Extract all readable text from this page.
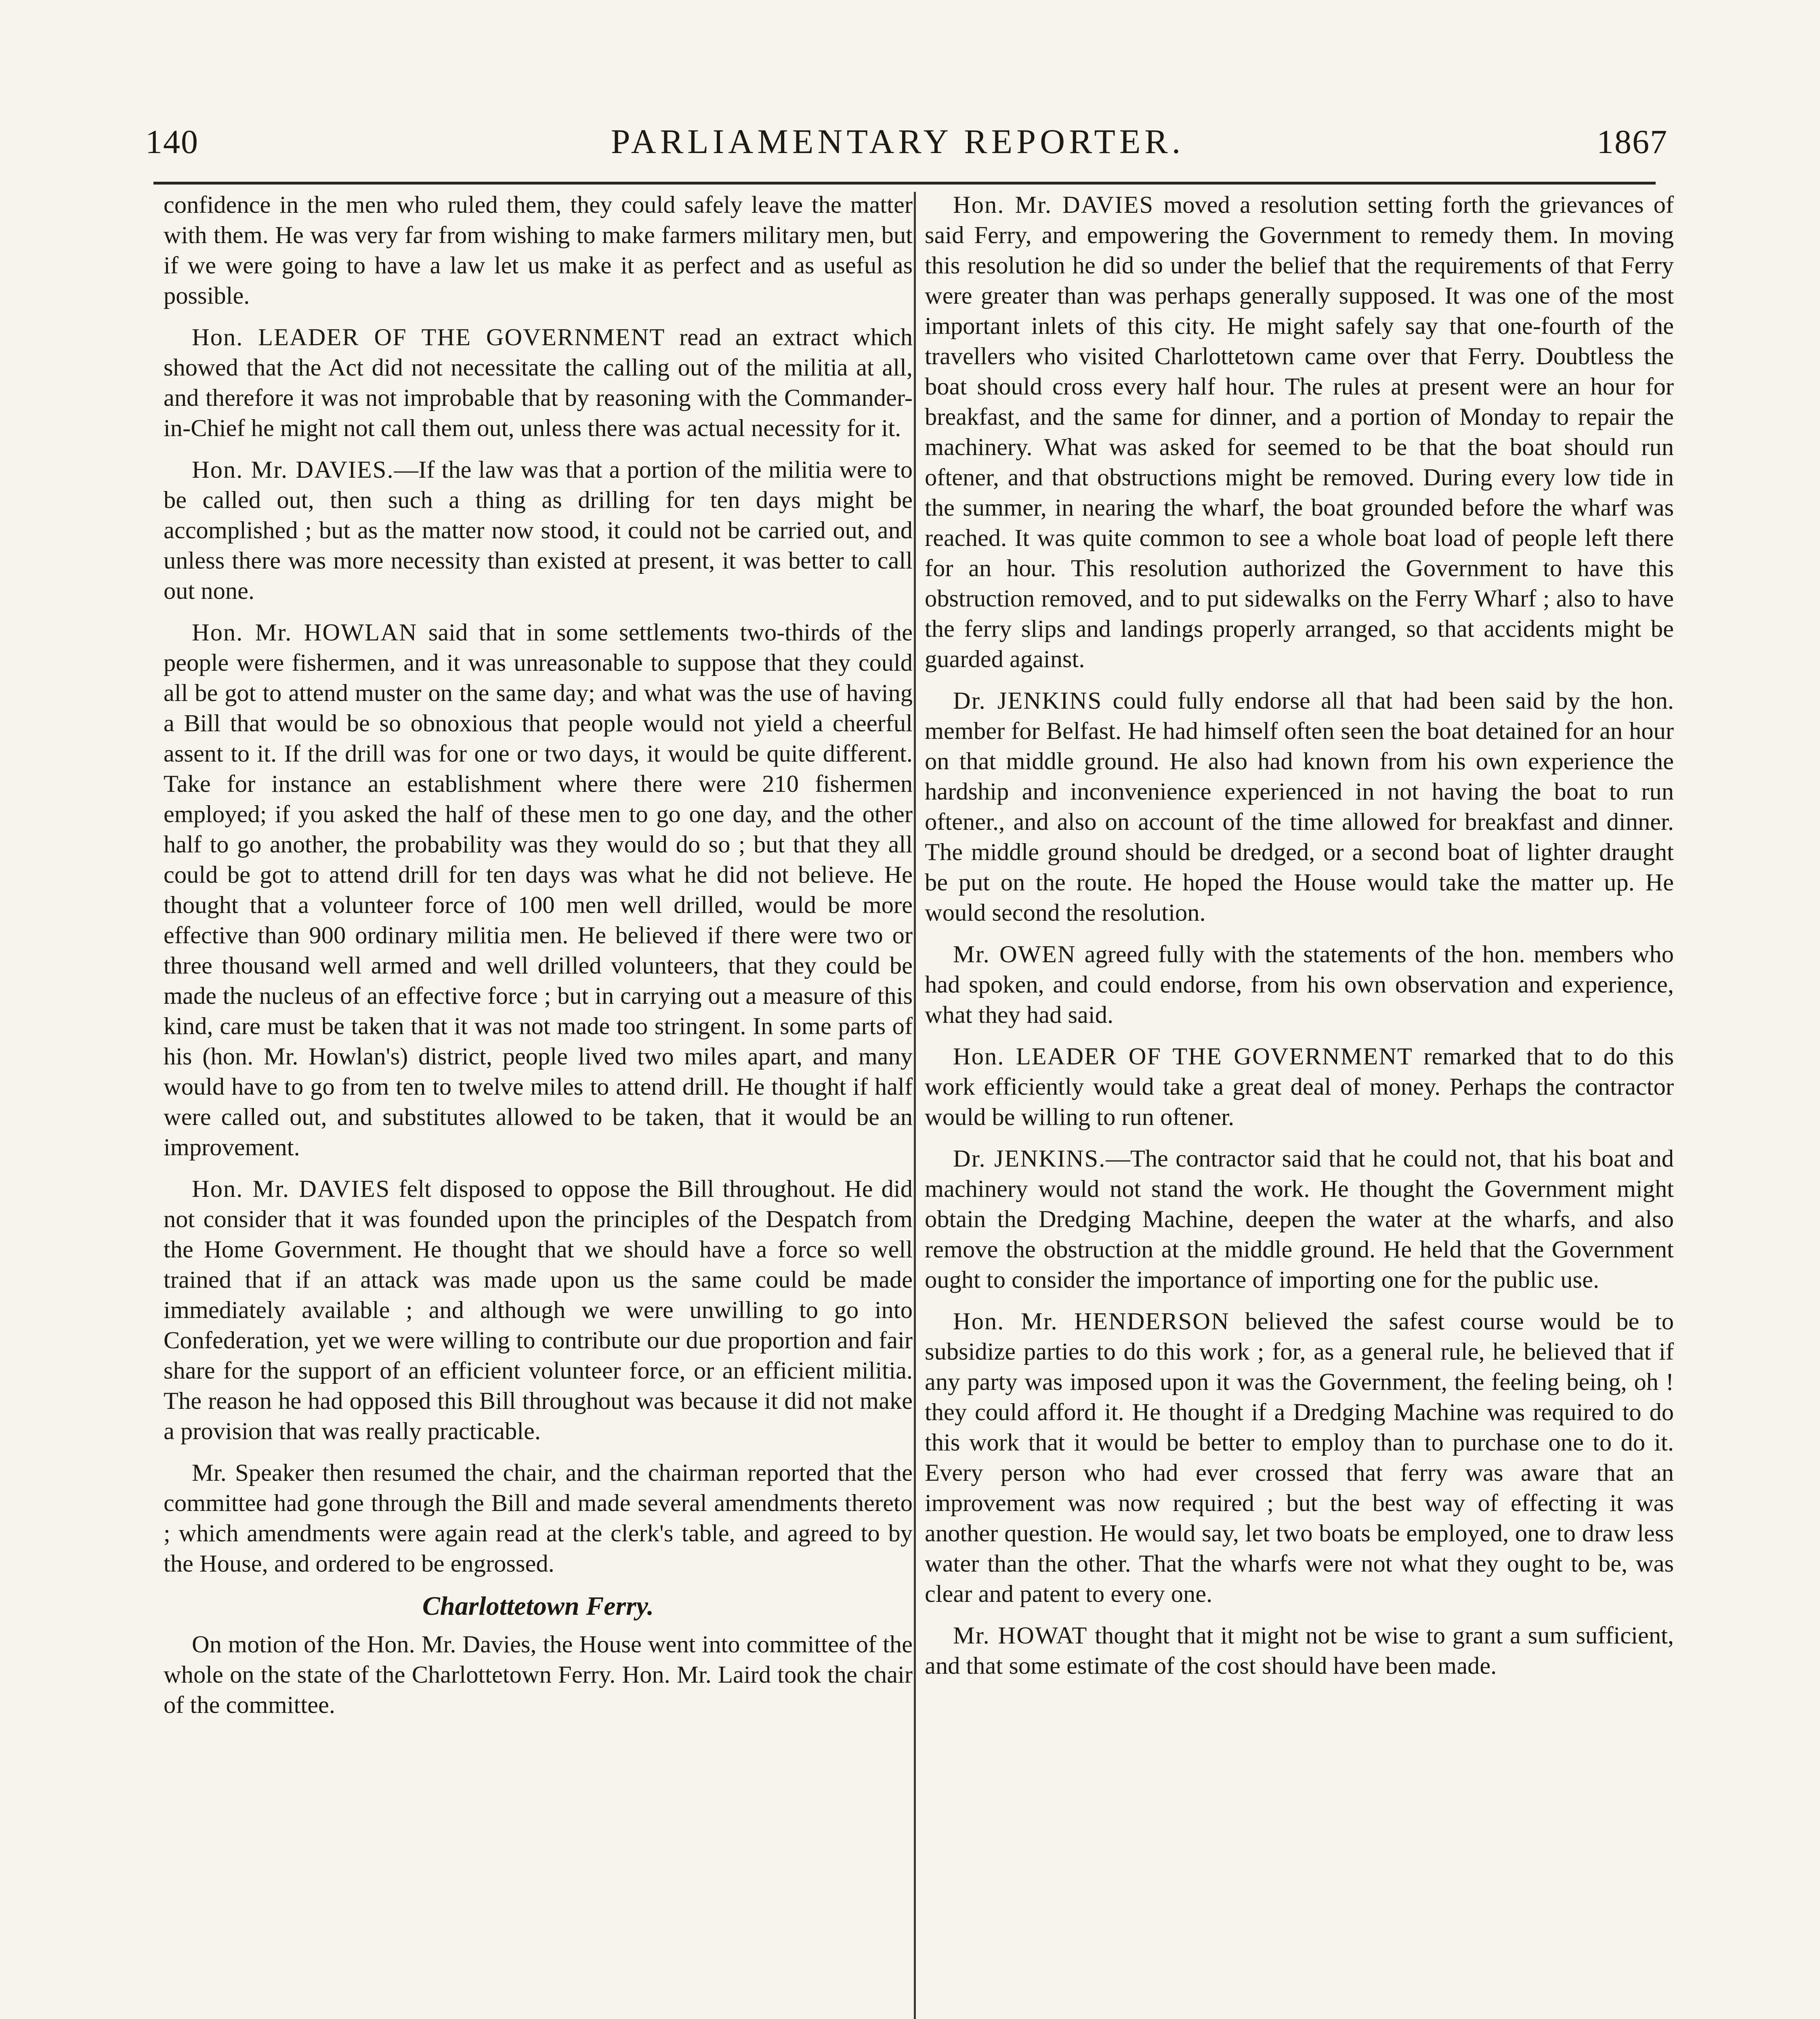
140	PARLIAMENTARY REPORTER.	1867

confidence in the men who ruled them, they could safely leave the matter with them. He was very far from wishing to make farmers military men, but if we were going to have a law let us make it as perfect and as useful as possible.

Hon. LEADER OF THE GOVERNMENT read an extract which showed that the Act did not necessitate the calling out of the militia at all, and therefore it was not improbable that by reasoning with the Commander-in-Chief he might not call them out, unless there was actual necessity for it.

Hon. Mr. DAVIES.—If the law was that a portion of the militia were to be called out, then such a thing as drilling for ten days might be accomplished ; but as the matter now stood, it could not be carried out, and unless there was more necessity than existed at present, it was better to call out none.

Hon. Mr. HOWLAN said that in some settlements two-thirds of the people were fishermen, and it was unreasonable to suppose that they could all be got to attend muster on the same day; and what was the use of having a Bill that would be so obnoxious that people would not yield a cheerful assent to it. If the drill was for one or two days, it would be quite different. Take for instance an establishment where there were 210 fishermen employed; if you asked the half of these men to go one day, and the other half to go another, the probability was they would do so ; but that they all could be got to attend drill for ten days was what he did not believe. He thought that a volunteer force of 100 men well drilled, would be more effective than 900 ordinary militia men. He believed if there were two or three thousand well armed and well drilled volunteers, that they could be made the nucleus of an effective force ; but in carrying out a measure of this kind, care must be taken that it was not made too stringent. In some parts of his (hon. Mr. Howlan's) district, people lived two miles apart, and many would have to go from ten to twelve miles to attend drill. He thought if half were called out, and substitutes allowed to be taken, that it would be an improvement.

Hon. Mr. DAVIES felt disposed to oppose the Bill throughout. He did not consider that it was founded upon the principles of the Despatch from the Home Government. He thought that we should have a force so well trained that if an attack was made upon us the same could be made immediately available ; and although we were unwilling to go into Confederation, yet we were willing to contribute our due proportion and fair share for the support of an efficient volunteer force, or an efficient militia. The reason he had opposed this Bill throughout was because it did not make a provision that was really practicable.

Mr. Speaker then resumed the chair, and the chairman reported that the committee had gone through the Bill and made several amendments thereto ; which amendments were again read at the clerk's table, and agreed to by the House, and ordered to be engrossed.

Charlottetown Ferry.

On motion of the Hon. Mr. Davies, the House went into committee of the whole on the state of the Charlottetown Ferry. Hon. Mr. Laird took the chair of the committee.

Hon. Mr. DAVIES moved a resolution setting forth the grievances of said Ferry, and empowering the Government to remedy them. In moving this resolution he did so under the belief that the requirements of that Ferry were greater than was perhaps generally supposed. It was one of the most important inlets of this city. He might safely say that one-fourth of the travellers who visited Charlottetown came over that Ferry. Doubtless the boat should cross every half hour. The rules at present were an hour for breakfast, and the same for dinner, and a portion of Monday to repair the machinery. What was asked for seemed to be that the boat should run oftener, and that obstructions might be removed. During every low tide in the summer, in nearing the wharf, the boat grounded before the wharf was reached. It was quite common to see a whole boat load of people left there for an hour. This resolution authorized the Government to have this obstruction removed, and to put sidewalks on the Ferry Wharf ; also to have the ferry slips and landings properly arranged, so that accidents might be guarded against.

Dr. JENKINS could fully endorse all that had been said by the hon. member for Belfast. He had himself often seen the boat detained for an hour on that middle ground. He also had known from his own experience the hardship and inconvenience experienced in not having the boat to run oftener., and also on account of the time allowed for breakfast and dinner. The middle ground should be dredged, or a second boat of lighter draught be put on the route. He hoped the House would take the matter up. He would second the resolution.

Mr. OWEN agreed fully with the statements of the hon. members who had spoken, and could endorse, from his own observation and experience, what they had said.

Hon. LEADER OF THE GOVERNMENT remarked that to do this work efficiently would take a great deal of money. Perhaps the contractor would be willing to run oftener.

Dr. JENKINS.—The contractor said that he could not, that his boat and machinery would not stand the work. He thought the Government might obtain the Dredging Machine, deepen the water at the wharfs, and also remove the obstruction at the middle ground. He held that the Government ought to consider the importance of importing one for the public use.

Hon. Mr. HENDERSON believed the safest course would be to subsidize parties to do this work ; for, as a general rule, he believed that if any party was imposed upon it was the Government, the feeling being, oh ! they could afford it. He thought if a Dredging Machine was required to do this work that it would be better to employ than to purchase one to do it. Every person who had ever crossed that ferry was aware that an improvement was now required ; but the best way of effecting it was another question. He would say, let two boats be employed, one to draw less water than the other. That the wharfs were not what they ought to be, was clear and patent to every one.

Mr. HOWAT thought that it might not be wise to grant a sum sufficient, and that some estimate of the cost should have been made.
